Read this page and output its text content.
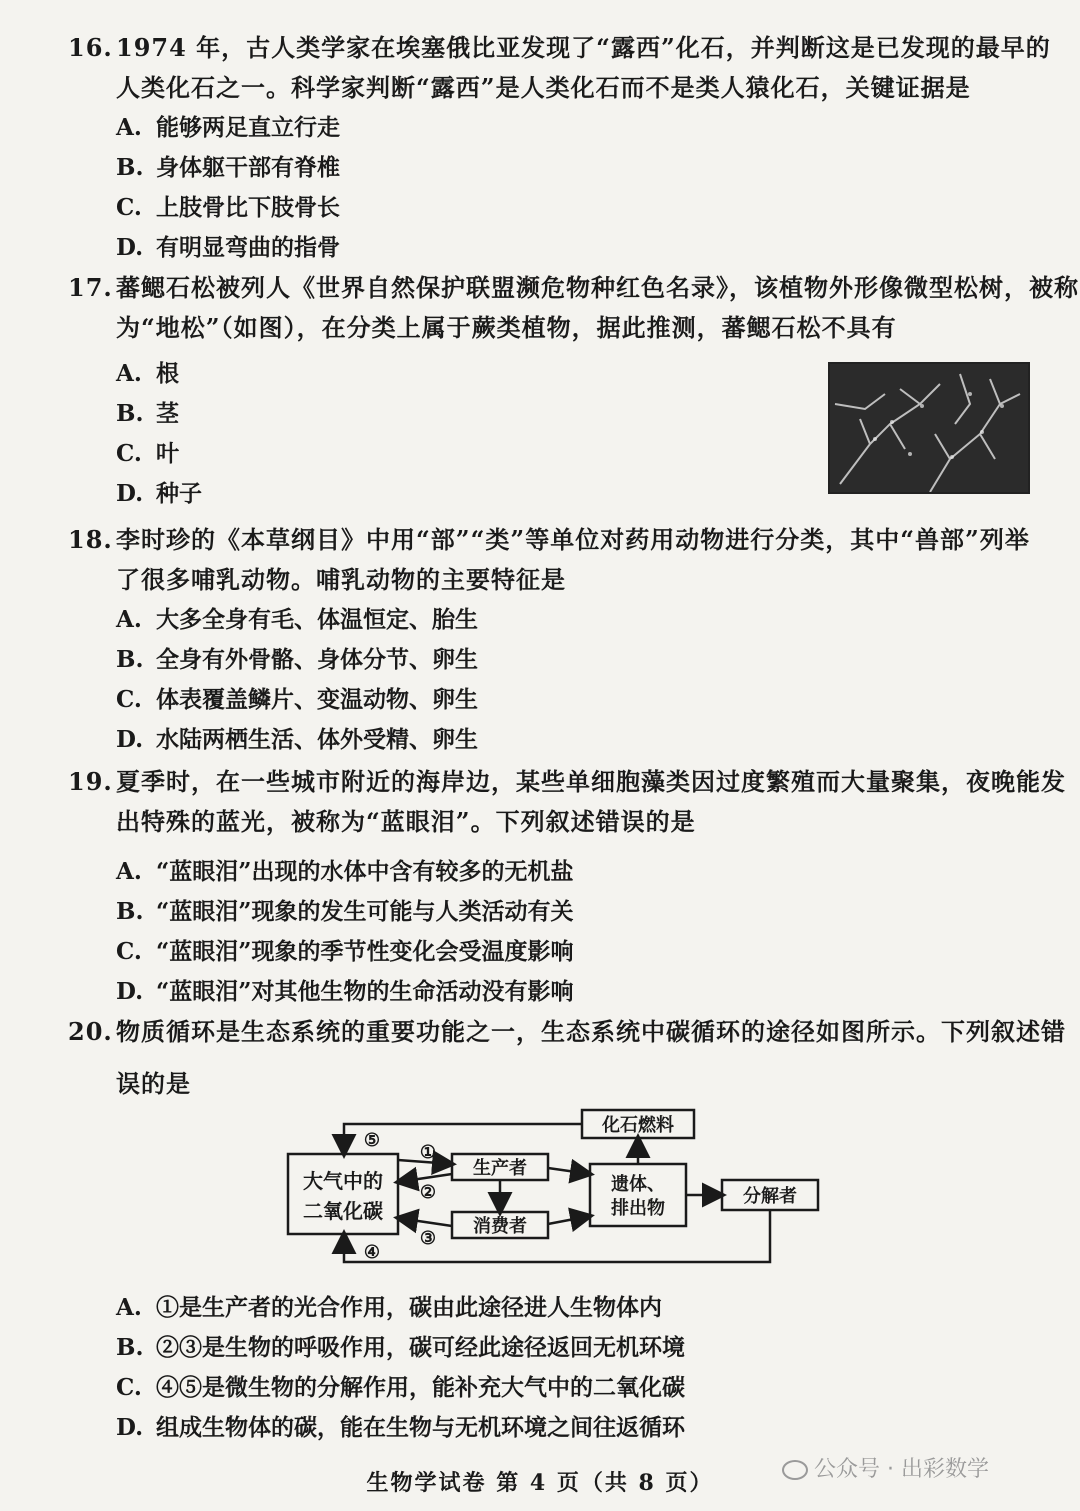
16. 1974 年，古人类学家在埃塞俄比亚发现了“露西”化石，并判断这是已发现的最早的
人类化石之一。科学家判断“露西”是人类化石而不是类人猿化石，关键证据是
A. 能够两足直立行走
B. 身体躯干部有脊椎
C. 上肢骨比下肢骨长
D. 有明显弯曲的指骨
17. 蕃鳃石松被列人《世界自然保护联盟濒危物种红色名录》，该植物外形像微型松树，被称
为“地松”（如图），在分类上属于蕨类植物，据此推测，蕃鳃石松不具有
A. 根
B. 茎
C. 叶
D. 种子
18. 李时珍的《本草纲目》中用“部”“类”等单位对药用动物进行分类，其中“兽部”列举
了很多哺乳动物。哺乳动物的主要特征是
A. 大多全身有毛、体温恒定、胎生
B. 全身有外骨骼、身体分节、卵生
C. 体表覆盖鳞片、变温动物、卵生
D. 水陆两栖生活、体外受精、卵生
19. 夏季时，在一些城市附近的海岸边，某些单细胞藻类因过度繁殖而大量聚集，夜晚能发
出特殊的蓝光，被称为“蓝眼泪”。下列叙述错误的是
A. “蓝眼泪”出现的水体中含有较多的无机盐
B. “蓝眼泪”现象的发生可能与人类活动有关
C. “蓝眼泪”现象的季节性变化会受温度影响
D. “蓝眼泪”对其他生物的生命活动没有影响
20. 物质循环是生态系统的重要功能之一，生态系统中碳循环的途径如图所示。下列叙述错
误的是
大气中的
二氧化碳
生产者
消费者
遗体、
排出物
分解者
化石燃料
⑤
①
②
③
④
A. ①是生产者的光合作用，碳由此途径进人生物体内
B. ②③是生物的呼吸作用，碳可经此途径返回无机环境
C. ④⑤是微生物的分解作用，能补充大气中的二氧化碳
D. 组成生物体的碳，能在生物与无机环境之间往返循环
生物学试卷 第 4 页（共 8 页）
公众号 · 出彩数学
